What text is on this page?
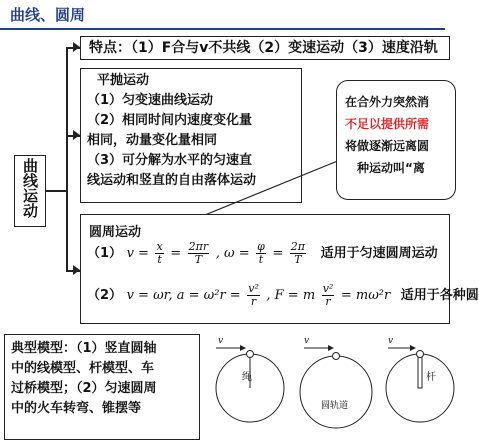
曲线、圆周
曲线运动
特点：（1）F合与v不共线（2）变速运动（3）速度沿轨
平抛运动
（1）匀变速曲线运动
（2）相同时间内速度变化量
相同，动量变化量相同
（3）可分解为水平的匀速直
线运动和竖直的自由落体运动
在合外力突然消
不足以提供所需
将做逐渐远离圆
种运动叫“离
圆周运动
（1） $v = \frac{x}{t} = \frac{2\pi r}{T}$ , $\omega = \frac{\varphi}{t} = \frac{2\pi}{T}$ 适用于匀速圆周运动
（2） v = ωr, $a = \omega^2r = \frac{\text{v²}}{r}$ , F = m $\frac{\text{v²}}{r} = m\omega^2r$ 适用于各种圆
典型模型：（1）竖直圆轴
中的线模型、杆模型、车
过桥模型；（2）匀速圆周
中的火车转弯、锥摆等
v
绳
v
圆轨道
v
杆
